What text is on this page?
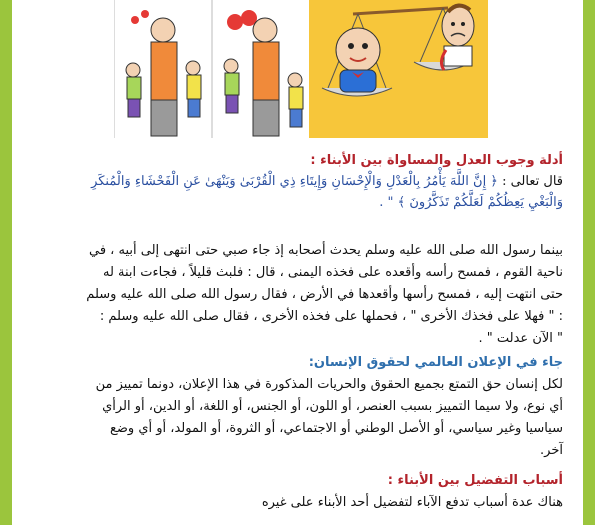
أدلة وجوب العدل والمساواة بين الأبناء :
قال تعالى : ﴿ إِنَّ اللَّهَ يَأْمُرُ بِالْعَدْلِ وَالْإِحْسَانِ وَإِيتَاءِ ذِي الْقُرْبَىٰ وَيَنْهَىٰ عَنِ الْفَحْشَاءِ وَالْمُنكَرِ
وَالْبَغْيِ يَعِظُكُمْ لَعَلَّكُمْ تَذَكَّرُونَ ﴾ " .
بينما رسول الله صلى الله عليه وسلم يحدث أصحابه إذ جاء صبي حتى انتهى إلى أبيه ، في
ناحية القوم ، فمسح رأسه وأقعده على فخذه اليمنى ، قال : فلبث قليلاً ، فجاءت ابنة له
حتى انتهت إليه ، فمسح رأسها وأقعدها في الأرض ، فقال رسول الله صلى الله عليه وسلم
: " فهلا على فخذك الأخرى " ، فحملها على فخذه الأخرى ، فقال صلى الله عليه وسلم :
" الآن عدلت " .
جاء في الإعلان العالمي لحقوق الإنسان:
لكل إنسان حق التمتع بجميع الحقوق والحريات المذكورة في هذا الإعلان، دونما تمييز من
أي نوع، ولا سيما التمييز بسبب العنصر، أو اللون، أو الجنس، أو اللغة، أو الدين، أو الرأي
سياسيا وغير سياسي، أو الأصل الوطني أو الاجتماعي، أو الثروة، أو المولد، أو أي وضع
آخر.
أسباب التفضيل بين الأبناء :
هناك عدة أسباب تدفع الآباء لتفضيل أحد الأبناء على غيره
